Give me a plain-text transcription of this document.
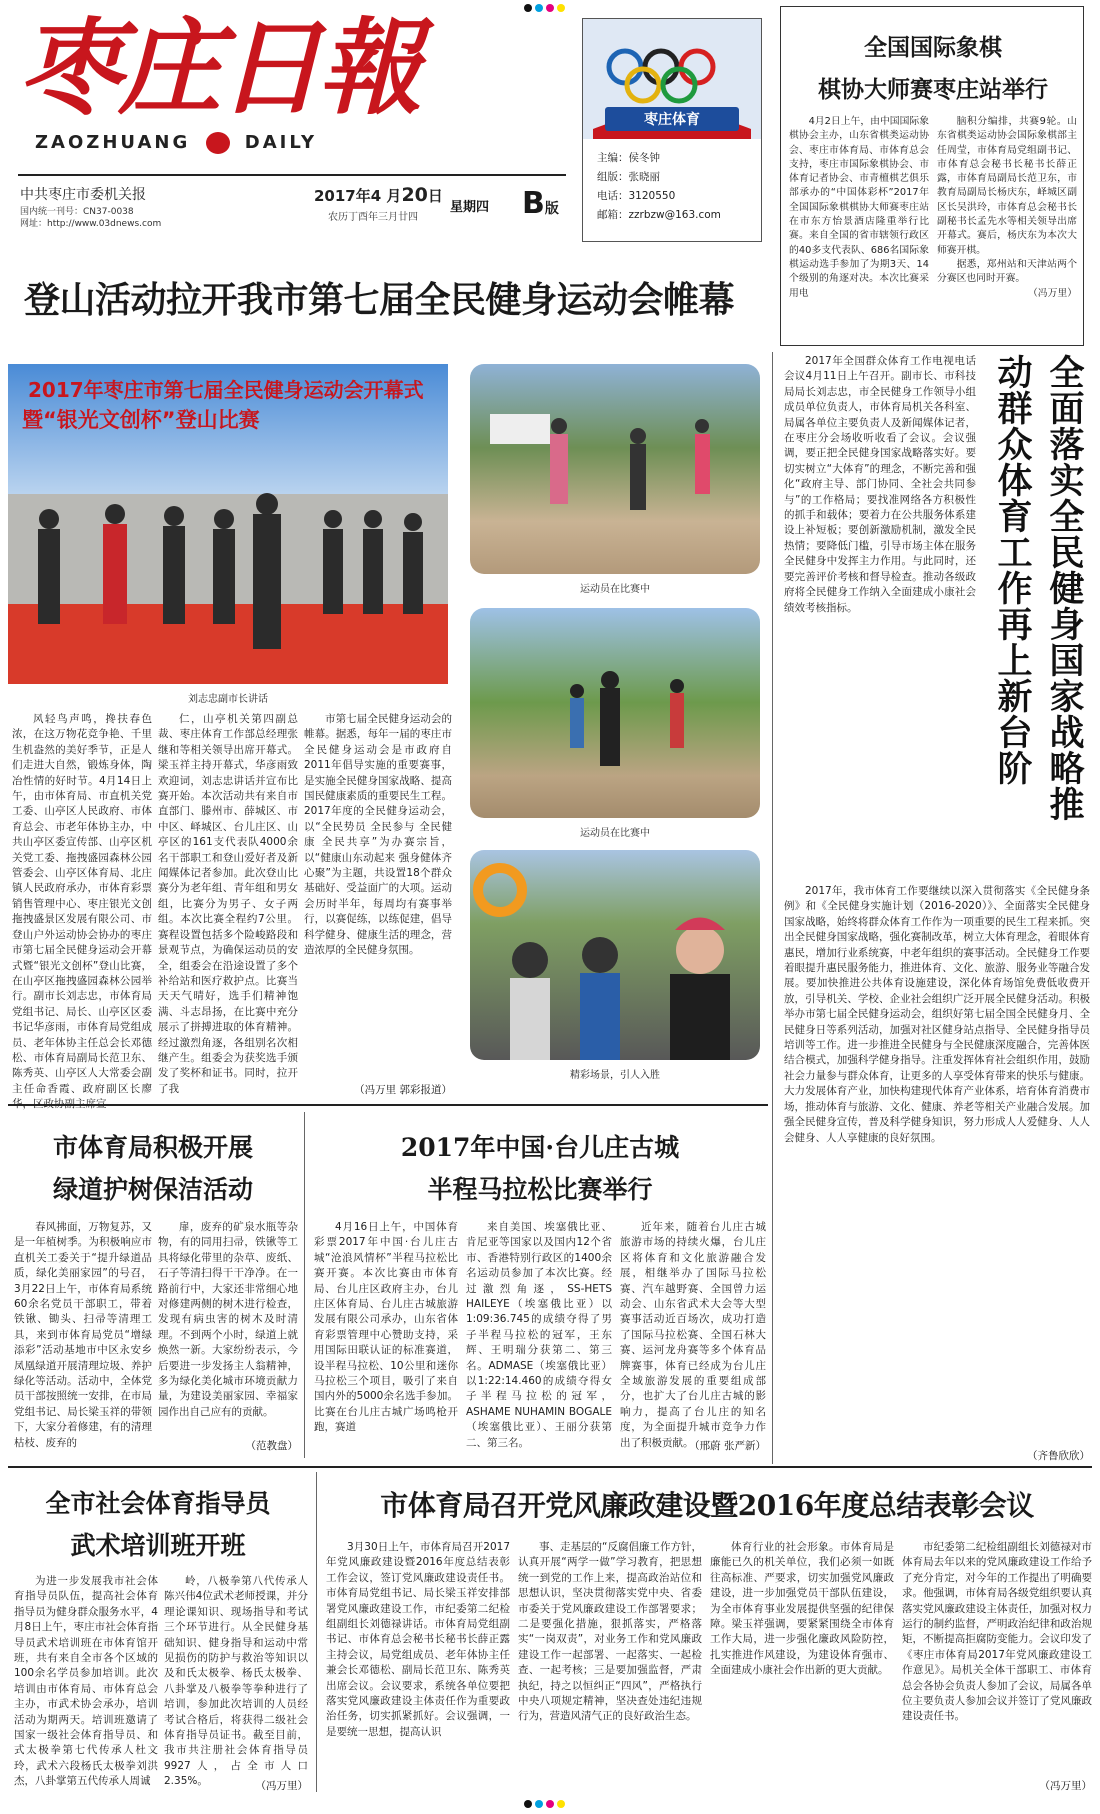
枣庄日報
ZAOZHUANG	DAILY
中共枣庄市委机关报
国内统一刊号：CN37-0038
网址：http://www.03dnews.com
2017年4 月20日
星期四
农历丁酉年三月廿四	B版
枣庄体育
主编：侯冬钟
组版：张晓丽
电话：3120550
邮箱：zzrbzw@163.com
全国国际象棋
棋协大师赛枣庄站举行

4月2日上午，由中国国际象棋协会主办，山东省棋类运动协会、枣庄市体育局、市体育总会支持，枣庄市国际象棋协会、市体育记者协会、市青檀棋艺俱乐部承办的“中国体彩杯”2017年全国国际象棋棋协大师赛枣庄站在市东方怡景酒店隆重举行比赛。来自全国的省市辖领行政区的40多支代表队、686名国际象棋运动选手参加了为期3天、14个级别的角逐对决。本次比赛采用电

脑积分编排，共赛9轮。山东省棋类运动协会国际象棋部主任周莹，市体育局党组副书记、市体育总会秘书长秘书长薛正露，市体育局副局长范卫东，市教育局副局长杨庆东，峄城区副区长吴洪玲，市体育总会秘书长副秘书长孟先水等相关领导出席开幕式。赛后，杨庆东为本次大师赛开棋。

据悉，郑州站和天津站两个分赛区也同时开赛。

（冯万里）
登山活动拉开我市第七届全民健身运动会帷幕
2017年枣庄市第七届全民健身运动会开幕式
暨“银光文创杯”登山比赛
刘志忠副市长讲话
运动员在比赛中
运动员在比赛中
精彩场景，引人入胜

风轻鸟声鸣，搀扶春色浓，在这万物花竞争艳、千里生机盎然的美好季节，正是人们走进大自然，锻炼身体，陶冶性情的好时节。4月14日上午，由市体育局、市直机关党工委、山亭区人民政府、市体育总会、市老年体协主办，中共山亭区委宣传部、山亭区机关党工委、拖拽盛园森林公园管委会、山亭区体育局、北庄镇人民政府承办，市体育彩票销售管理中心、枣庄银光文创拖拽盛景区发展有限公司、市登山户外运动协会协办的枣庄市第七届全民健身运动会开幕式暨“银光文创杯”登山比赛，在山亭区拖拽盛园森林公园举行。副市长刘志忠，市体育局党组书记、局长、山亭区区委书记华彦雨，市体育局党组成员、老年体协主任总会长邓德松、市体育局副局长范卫东、陈秀英、山亭区人大常委会副主任命香霞、政府副区长廖

仁，山亭机关第四副总裁、枣庄体育工作部总经理张继和等相关领导出席开幕式。梁玉祥主持开幕式，华彦雨致欢迎词，刘志忠讲话并宣布比赛开始。本次活动共有来自市直部门、滕州市、薛城区、市中区、峄城区、台儿庄区、山亭区的161支代表队4000余名干部职工和登山爱好者及新闻媒体记者参加。此次登山比赛分为老年组、青年组和男女组，比赛分为男子、女子两组。本次比赛全程约7公里。赛程设置包括多个险峻路段和景观节点，为确保运动员的安全，组委会在沿途设置了多个补给站和医疗救护点。比赛当天天气晴好，选手们精神饱满、斗志昂扬，在比赛中充分展示了拼搏进取的体育精神。经过激烈角逐，各组别名次相继产生。组委会为获奖选手颁发了奖杯和证书。同时，拉开了我

市第七届全民健身运动会的帷幕。据悉，每年一届的枣庄市全民健身运动会是市政府自2011年倡导实施的重要赛事，是实施全民健身国家战略、提高国民健康素质的重要民生工程。2017年度的全民健身运动会，以“全民势员 全民参与 全民健康 全民共享”为办赛宗旨，以“健康山东动起来 强身健体齐心聚”为主题，共设置18个群众基础好、受益面广的大项。运动会历时半年，每周均有赛事举行，以赛促练，以练促建，倡导科学健身、健康生活的理念，营造浓厚的全民健身氛围。

（冯万里 郭彩报道）
全面落实全民健身国家战略推动群众体育工作再上新台阶

2017年全国群众体育工作电视电话会议4月11日上午召开。副市长、市科技局局长刘志忠，市全民健身工作领导小组成员单位负责人，市体育局机关各科室、局属各单位主要负责人及新闻媒体记者，在枣庄分会场收听收看了会议。会议强调，要正把全民健身国家战略落实好。要切实树立“大体育”的理念，不断完善和强化“政府主导、部门协同、全社会共同参与”的工作格局；要找准网络各方积极性的抓手和载体；要着力在公共服务体系建设上补短板；要创新激励机制，激发全民热情；要降低门槛，引导市场主体在服务全民健身中发挥主力作用。与此同时，还要完善评价考核和督导检查。推动各级政府将全民健身工作纳入全面建成小康社会绩效考核指标。

2017年，我市体育工作要继续以深入贯彻落实《全民健身条例》和《全民健身实施计划（2016-2020）》、全面落实全民健身国家战略，始终将群众体育工作作为一项重要的民生工程来抓。突出全民健身国家战略，强化赛制改革，树立大体育理念，着眼体育惠民，增加行业系统赛，中老年组织的赛事活动。全民健身工作要着眼提升惠民服务能力，推进体育、文化、旅游、服务业等融合发展。要加快推进公共体育设施建设，深化体育场馆免费低收费开放，引导机关、学校、企业社会组织广泛开展全民健身活动。积极举办市第七届全民健身运动会，组织好第七届全国全民健身月、全民健身日等系列活动，加强对社区健身站点指导、全民健身指导员培训等工作。进一步推进全民健身与全民健康深度融合，完善体医结合模式，加强科学健身指导。注重发挥体育社会组织作用，鼓励社会力量参与群众体育，让更多的人享受体育带来的快乐与健康。大力发展体育产业，加快构建现代体育产业体系，培育体育消费市场，推动体育与旅游、文化、健康、养老等相关产业融合发展。加强全民健身宣传，普及科学健身知识，努力形成人人爱健身、人人会健身、人人享健康的良好氛围。

（齐鲁欣欣）
市体育局积极开展
绿道护树保洁活动

春风拂面，万物复苏，又是一年植树季。为积极响应市直机关工委关于“提升绿道品质，绿化美丽家园”的号召，3月22日上午，市体育局系统60余名党员干部职工，带着铁锹、锄头、扫帚等清理工具，来到市体育局党员“增绿添彩”活动基地市中区永安乡凤凰绿道开展清理垃圾、养护绿化等活动。活动中，全体党员干部按照统一安排，在市局党组书记、局长梁玉祥的带领下，大家分着修建，有的清理枯枝、废弃的

扉，废弃的矿泉水瓶等杂物，有的同用扫帚，铁锹等工具将绿化带里的杂草、废纸、石子等清扫得干干净净。在一路前行中，大家还非常细心地对修建两侧的树木进行检查，发现有病虫害的树木及时清理。不到两个小时，绿道上就焕然一新。大家纷纷表示，今后要进一步发扬主人翁精神，多为绿化美化城市环境贡献力量，为建设美丽家园、幸福家园作出自己应有的贡献。

（范教盘）
2017年中国·台儿庄古城
半程马拉松比赛举行

4月16日上午，中国体育彩票2017年中国·台儿庄古城“沧浪风情杯”半程马拉松比赛开赛。本次比赛由市体育局、台儿庄区政府主办，台儿庄区体育局、台儿庄古城旅游发展有限公司承办，山东省体育彩票管理中心赞助支持，采用国际田联认证的标准赛道，设半程马拉松、10公里和迷你马拉松三个项目，吸引了来自国内外的5000余名选手参加。比赛在台儿庄古城广场鸣枪开跑，赛道

来自美国、埃塞俄比亚、肯尼亚等国家以及国内12个省市、香港特别行政区的1400余名运动员参加了本次比赛。经过激烈角逐，SS-HETS HAILEYE（埃塞俄比亚）以1:09:36.745的成绩夺得了男子半程马拉松的冠军，王东辉、王明瑞分获第二、第三名。ADMASE（埃塞俄比亚）以1:22:14.460的成绩夺得女子半程马拉松的冠军，ASHAME NUHAMIN BOGALE（埃塞俄比亚）、王丽分获第二、第三名。

近年来，随着台儿庄古城旅游市场的持续火爆，台儿庄区将体育和文化旅游融合发展，相继举办了国际马拉松赛、汽车越野赛、全国曾力运动会、山东省武术大会等大型赛事活动近百场次，成功打造了国际马拉松赛、全国石林大赛、运河龙舟赛等多个体育品牌赛事，体育已经成为台儿庄全域旅游发展的重要组成部分，也扩大了台儿庄古城的影响力，提高了台儿庄的知名度，为全面提升城市竞争力作出了积极贡献。

（邢蔚 张严新）
全市社会体育指导员
武术培训班开班

为进一步发展我市社会体育指导员队伍，提高社会体育指导员为健身群众服务水平，4月8日上午，枣庄市社会体育指导员武术培训班在市体育馆开班，共有来自全市各个区域的100余名学员参加培训。此次培训由市体育局、市体育总会主办，市武术协会承办，培训活动为期两天。培训班邀请了国家一级社会体育指导员、和式太极拳第七代传承人杜文玲，武术六段杨氏太极拳刘洪杰，八卦掌第五代传承人周诚

岭，八极拳第八代传承人陈兴伟4位武术老师授课，并分理论课知识、现场指导和考试三个环节进行。从全民健身基础知识、健身指导和运动中常见损伤的防护与救治等知识以及和氏太极拳、杨氏太极拳、八卦掌及八极拳等拳种进行了培训，参加此次培训的人员经考试合格后，将获得二级社会体育指导员证书。截至目前，我市共注册社会体育指导员9927人，占全市人口2.35%。	（冯万里）
市体育局召开党风廉政建设暨2016年度总结表彰会议

3月30日上午，市体育局召开2017年党风廉政建设暨2016年度总结表彰工作会议，签订党风廉政建设责任书。市体育局党组书记、局长梁玉祥安排部署党风廉政建设工作，市纪委第二纪检组副组长刘德禄讲话。市体育局党组副书记、市体育总会秘书长秘书长薛正露主持会议，局党组成员、老年体协主任兼会长邓德松、副局长范卫东、陈秀英出席会议。会议要求，系统各单位要把落实党风廉政建设主体责任作为重要政治任务，切实抓紧抓好。会议强调，一是要统一思想，提高认识

事、走基层的“反腐倡廉工作方针，认真开展“两学一做”学习教育，把思想统一到党的工作上来，提高政治站位和思想认识，坚决贯彻落实党中央、省委市委关于党风廉政建设工作部署要求；二是要强化措施，狠抓落实，严格落实“一岗双责”，对业务工作和党风廉政建设工作一起部署、一起落实、一起检查、一起考核；三是要加强监督，严肃执纪，持之以恒纠正“四风”，严格执行中央八项规定精神，坚决查处违纪违规行为，营造风清气正的良好政治生态。

体育行业的社会形象。市体育局是廉能已久的机关单位，我们必须一如既往高标准、严要求，切实加强党风廉政建设，进一步加强党员干部队伍建设，为全市体育事业发展提供坚强的纪律保障。梁玉祥强调，要紧紧围绕全市体育工作大局，进一步强化廉政风险防控，扎实推进作风建设，为建设体育强市、全面建成小康社会作出新的更大贡献。

市纪委第二纪检组副组长刘德禄对市体育局去年以来的党风廉政建设工作给予了充分肯定，对今年的工作提出了明确要求。他强调，市体育局各级党组织要认真落实党风廉政建设主体责任，加强对权力运行的制约监督，严明政治纪律和政治规矩，不断提高拒腐防变能力。会议印发了《枣庄市体育局2017年党风廉政建设工作意见》。局机关全体干部职工、市体育总会各协会负责人参加了会议，局属各单位主要负责人参加会议并签订了党风廉政建设责任书。

（冯万里）
